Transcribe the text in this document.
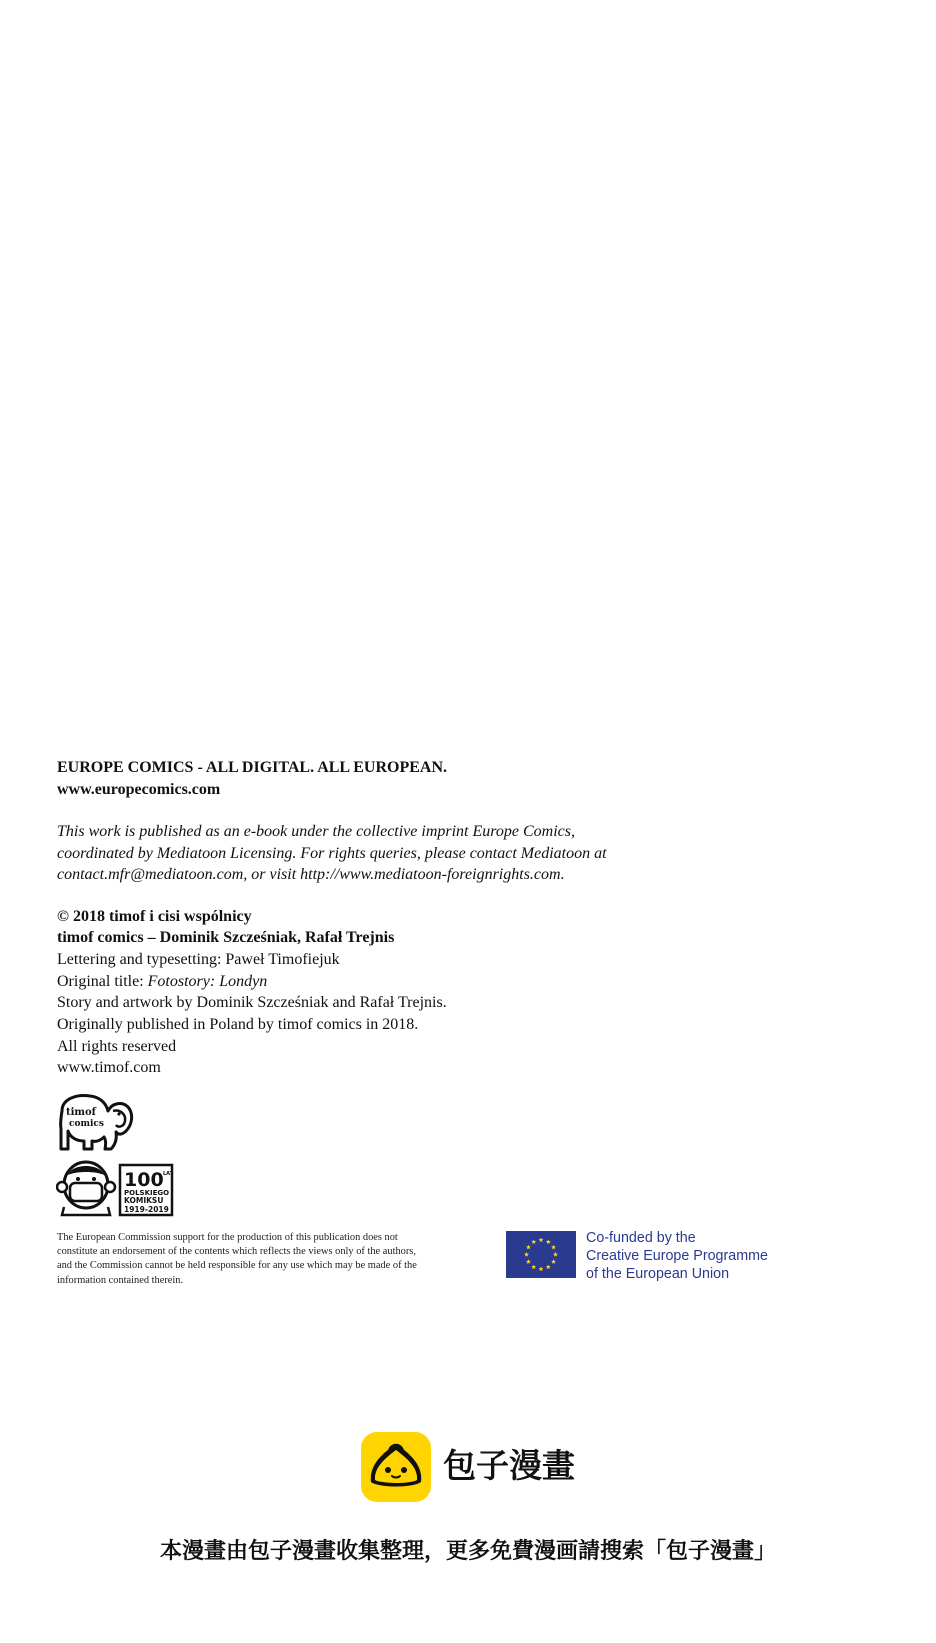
EUROPE COMICS - ALL DIGITAL. ALL EUROPEAN.
www.europecomics.com
This work is published as an e-book under the collective imprint Europe Comics,
coordinated by Mediatoon Licensing. For rights queries, please contact Mediatoon at
contact.mfr@mediatoon.com, or visit http://www.mediatoon-foreignrights.com.
© 2018 timof i cisi wspólnicy
timof comics – Dominik Szcześniak, Rafał Trejnis
Lettering and typesetting: Paweł Timofiejuk
Original title: Fotostory: Londyn
Story and artwork by Dominik Szcześniak and Rafał Trejnis.
Originally published in Poland by timof comics in 2018.
All rights reserved
www.timof.com
timof
comics
100 LAT
POLSKIEGO
KOMIKSU
1919-2019
The European Commission support for the production of this publication does not
constitute an endorsement of the contents which reflects the views only of the authors,
and the Commission cannot be held responsible for any use which may be made of the
information contained therein.
Co-funded by the
Creative Europe Programme
of the European Union
包子漫畫
本漫畫由包子漫畫收集整理，更多免費漫画請搜索「包子漫畫」
